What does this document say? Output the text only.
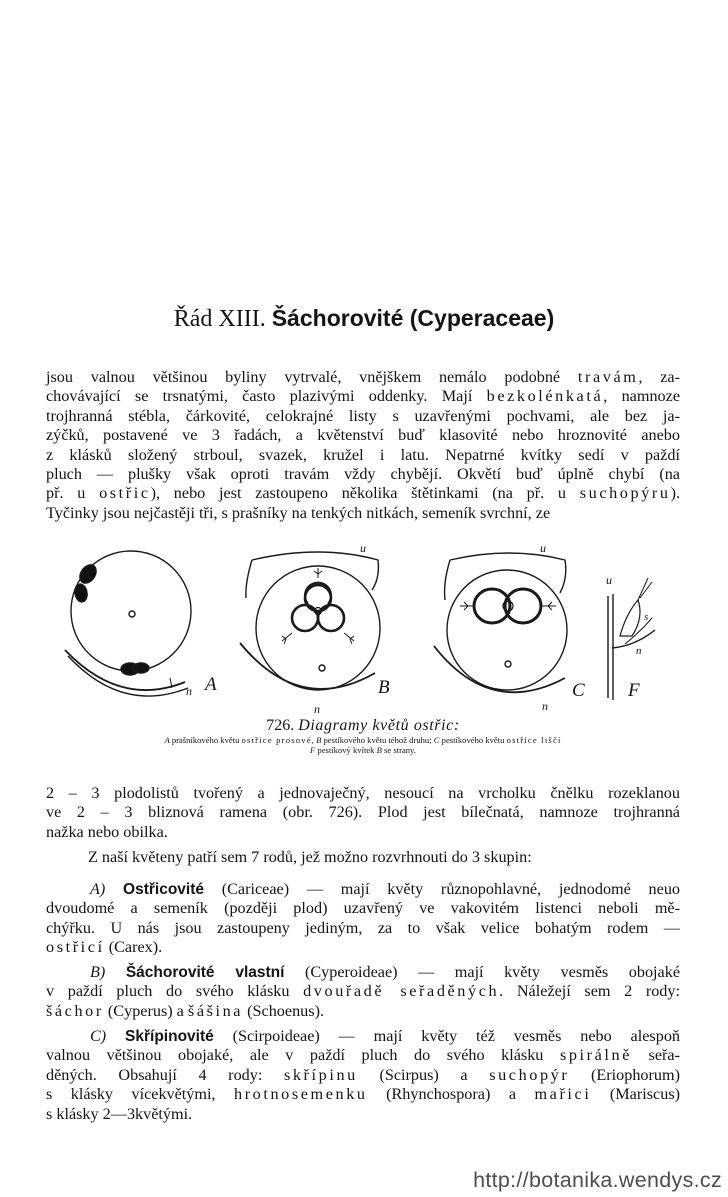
Řád XIII. Šáchorovité (Cyperaceae)
jsou valnou většinou byliny vytrvalé, vnějškem nemálo podobné travám, za-
chovávající se trsnatými, často plazivými oddenky. Mají bezkolénkatá, namnoze
trojhranná stébla, čárkovité, celokrajné listy s uzavřenými pochvami, ale bez ja-
zýčků, postavené ve 3 řadách, a květenství buď klasovité nebo hroznovité anebo
z klásků složený strboul, svazek, kružel i latu. Nepatrné kvítky sedí v paždí
pluch — plušky však oproti travám vždy chybějí. Okvětí buď úplně chybí (na
př. u ostřic), nebo jest zastoupeno několika štětinkami (na př. u suchopýru).
Tyčinky jsou nejčastěji tři, s prašníky na tenkých nitkách, semeník svrchní, ze
A	B	C F
n
u
n
u
n
u
s
n
726. Diagramy květů ostřic:
A prašníkového květu ostřice prosové, B pestíkového květu téhož druhu; C pestíkového květu ostřice liščí
F pestíkový kvítek B se strany.
2 – 3 plodolistů tvořený a jednovaječný, nesoucí na vrcholku čnělku rozeklanou
ve 2 – 3 bliznová ramena (obr. 726). Plod jest bílečnatá, namnoze trojhranná
nažka nebo obilka.
Z naší květeny patří sem 7 rodů, jež možno rozvrhnouti do 3 skupin:
A) Ostřicovité (Cariceae) — mají květy různopohlavné, jednodomé neuo
dvoudomé a semeník (později plod) uzavřený ve vakovitém listenci neboli mě-
chýřku. U nás jsou zastoupeny jediným, za to však velice bohatým rodem —
ostřicí (Carex).
B) Šáchorovité vlastní (Cyperoideae) — mají květy vesměs obojaké
v paždí pluch do svého klásku dvouřadě seřaděných. Náležejí sem 2 rody:
šáchor (Cyperus) a šášina (Schoenus).
C) Skřípinovité (Scirpoideae) — mají květy též vesměs nebo alespoň
valnou většinou obojaké, ale v paždí pluch do svého klásku spirálně seřa-
děných. Obsahují 4 rody: skřípinu (Scirpus) a suchopýr (Eriophorum)
s klásky vícekvětými, hrotnosemenku (Rhynchospora) a mařici (Mariscus)
s klásky 2—3květými.
http://botanika.wendys.cz
